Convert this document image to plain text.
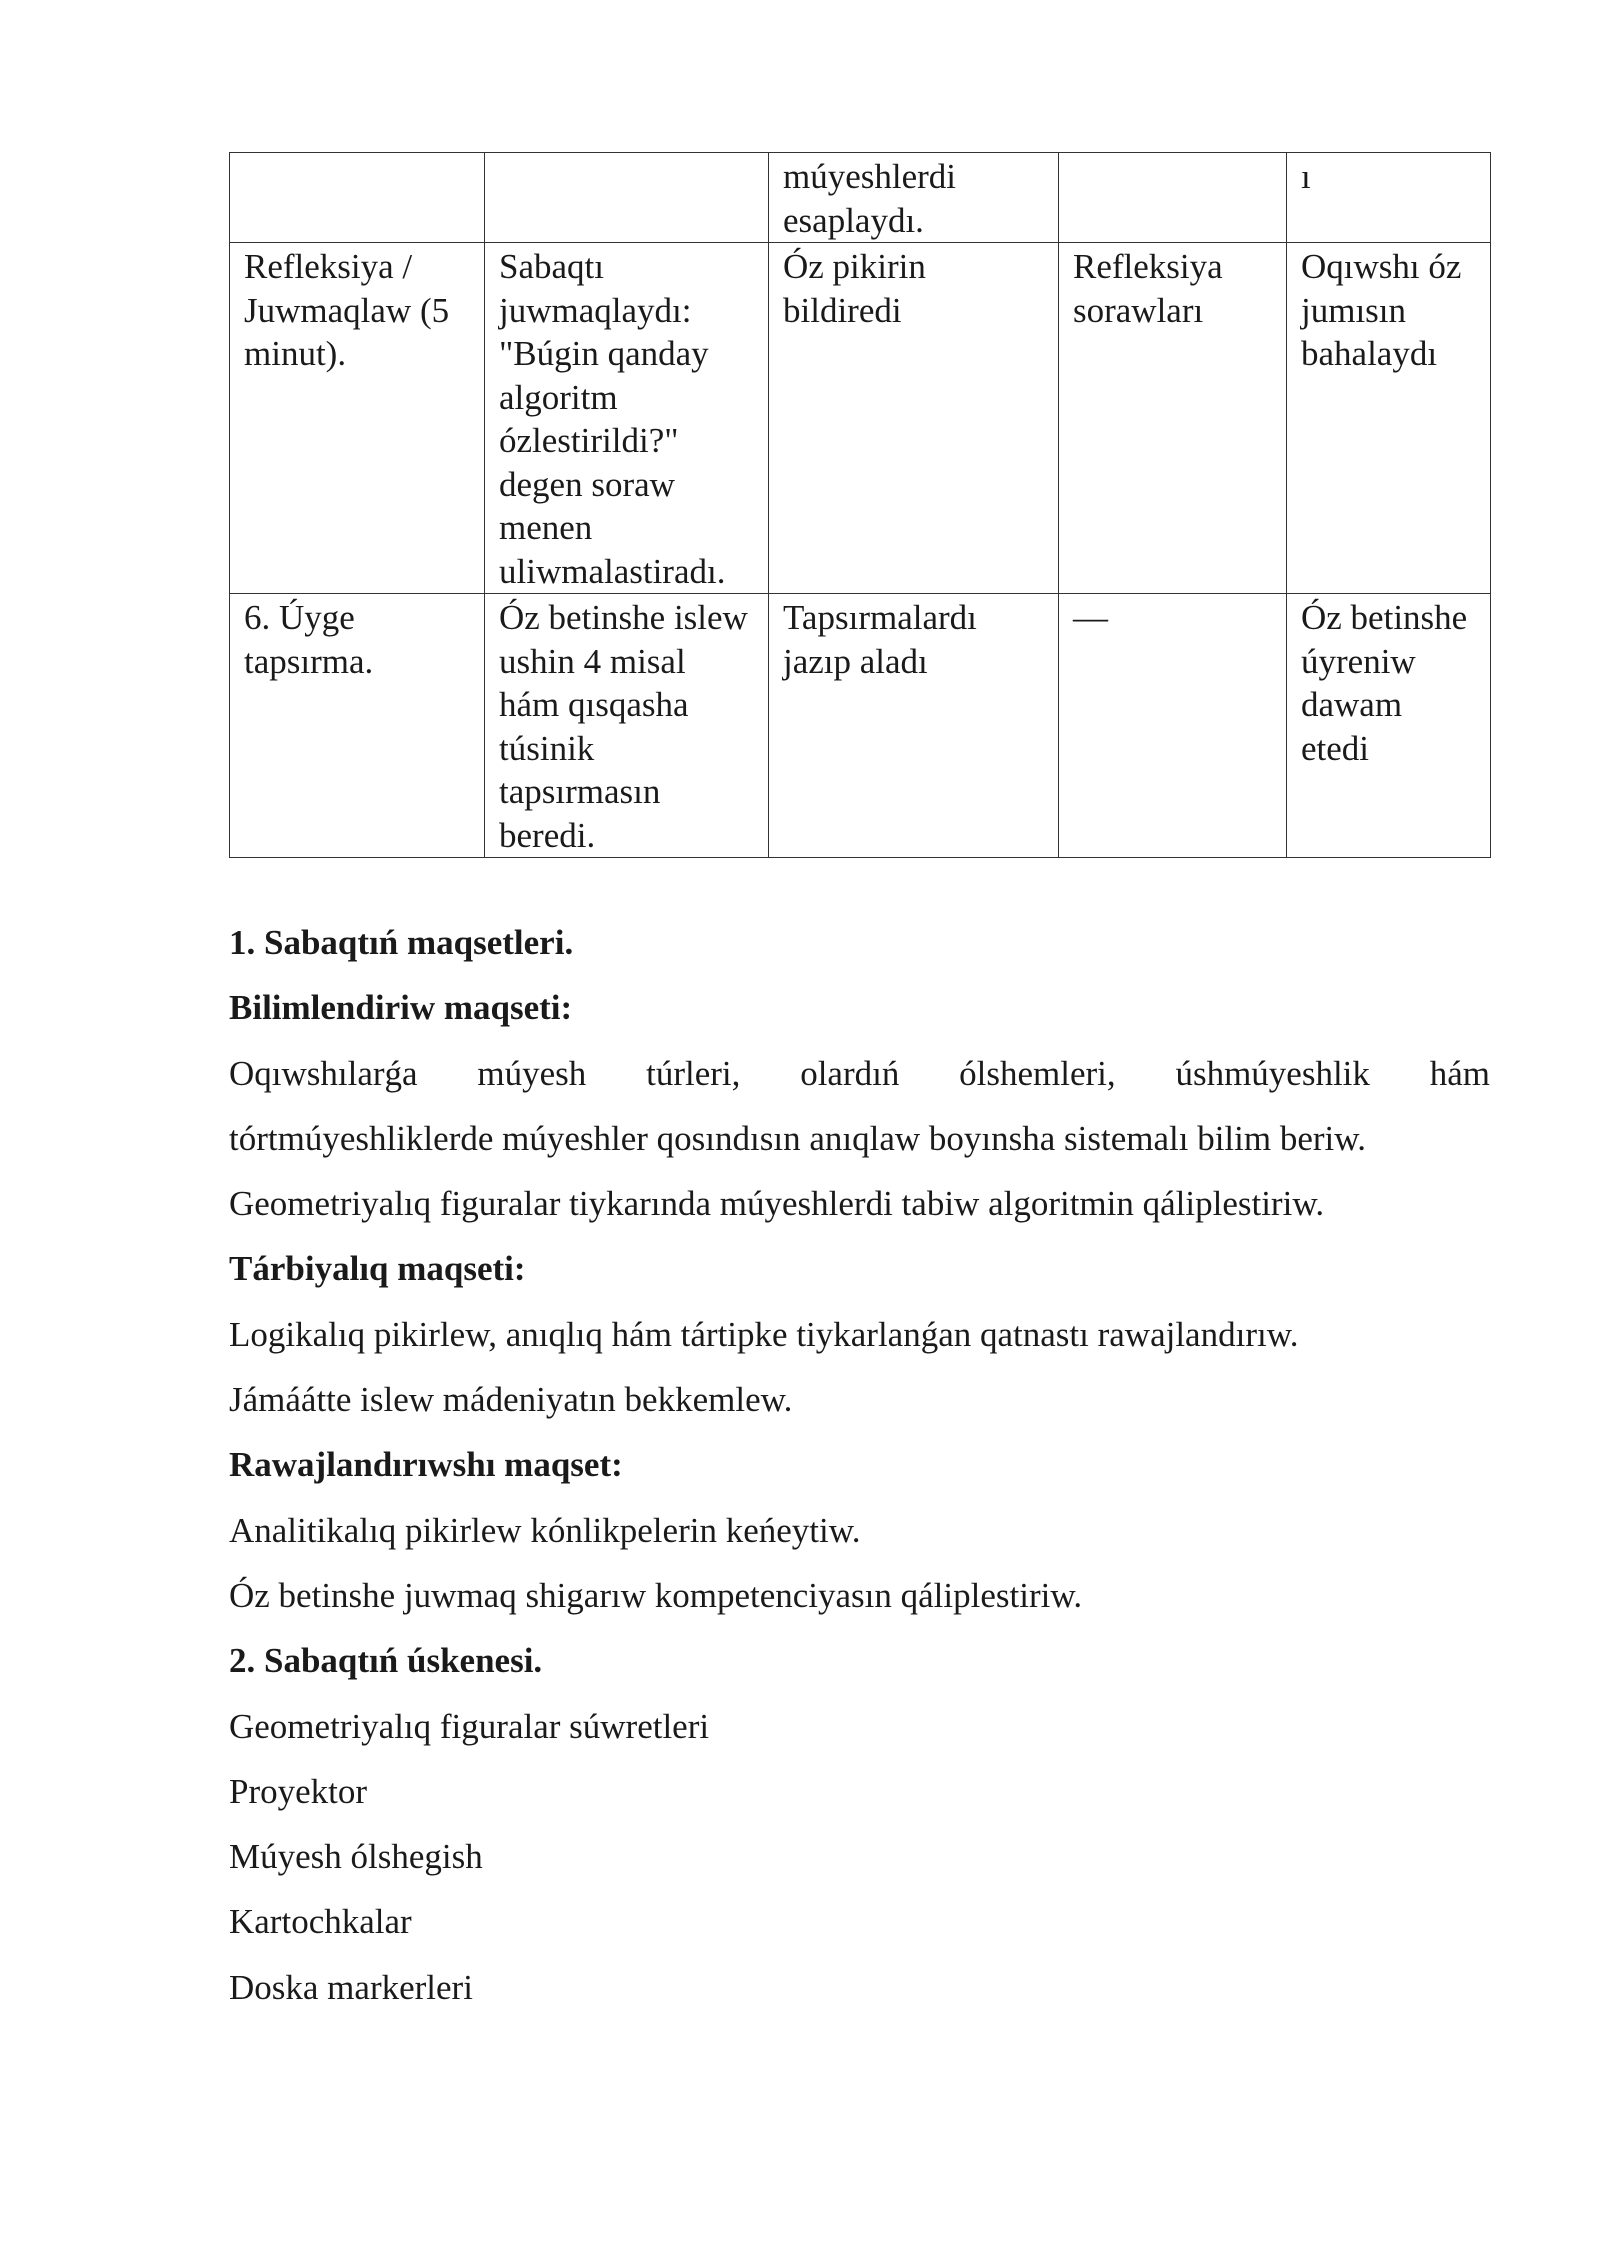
		múyeshlerdi esaplaydı.		ı
Refleksiya / Juwmaqlaw (5 minut).	Sabaqtı juwmaqlaydı: "Búgin qanday algoritm ózlestirildi?" degen soraw menen uliwmalastiradı.	Óz pikirin bildiredi	Refleksiya sorawları	Oqıwshı óz jumısın bahalaydı
6. Úyge tapsırma.	Óz betinshe islew ushin 4 misal hám qısqasha túsinik tapsırmasın beredi.	Tapsırmalardı jazıp aladı	—	Óz betinshe úyreniw dawam etedi
1. Sabaqtıń maqsetleri.
Bilimlendiriw maqseti:
Oqıwshılarǵa múyesh túrleri, olardıń ólshemleri, úshmúyeshlik hám
tórtmúyeshliklerde múyeshler qosındısın anıqlaw boyınsha sistemalı bilim beriw.
Geometriyalıq figuralar tiykarında múyeshlerdi tabiw algoritmin qáliplestiriw.
Tárbiyalıq maqseti:
Logikalıq pikirlew, anıqlıq hám tártipke tiykarlanǵan qatnastı rawajlandırıw.
Jámáátte islew mádeniyatın bekkemlew.
Rawajlandırıwshı maqset:
Analitikalıq pikirlew kónlikpelerin keńeytiw.
Óz betinshe juwmaq shigarıw kompetenciyasın qáliplestiriw.
2. Sabaqtıń úskenesi.
Geometriyalıq figuralar súwretleri
Proyektor
Múyesh ólshegish
Kartochkalar
Doska markerleri
